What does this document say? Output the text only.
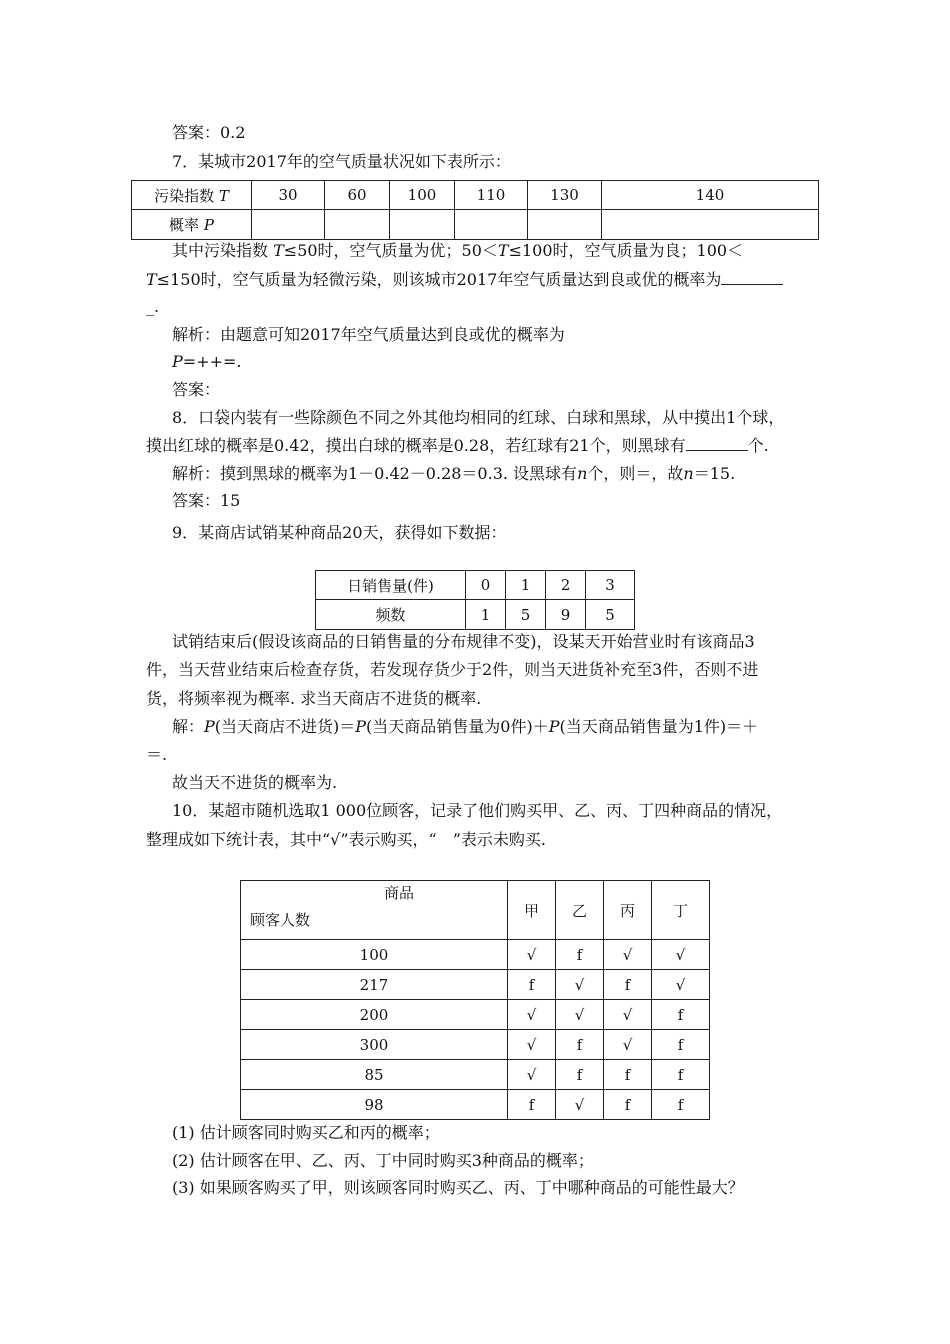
答案：0.2
7．某城市2017年的空气质量状况如下表所示：
污染指数 T	30	60	100	110	130	140
概率 P						
其中污染指数 T≤50时，空气质量为优；50＜T≤100时，空气质量为良；100＜
T≤150时，空气质量为轻微污染，则该城市2017年空气质量达到良或优的概率为
_.
解析：由题意可知2017年空气质量达到良或优的概率为
P=++=.
答案：
8．口袋内装有一些除颜色不同之外其他均相同的红球、白球和黑球，从中摸出1个球，
摸出红球的概率是0.42，摸出白球的概率是0.28，若红球有21个，则黑球有	个.
解析：摸到黑球的概率为1－0.42－0.28＝0.3. 设黑球有n个，则＝，故n＝15.
答案：15
9．某商店试销某种商品20天，获得如下数据：
日销售量(件)	0	1	2	3
频数	1	5	9	5
试销结束后(假设该商品的日销售量的分布规律不变)，设某天开始营业时有该商品3
件，当天营业结束后检查存货，若发现存货少于2件，则当天进货补充至3件，否则不进
货，将频率视为概率. 求当天商店不进货的概率.
解：P(当天商店不进货)＝P(当天商品销售量为0件)＋P(当天商品销售量为1件)＝＋
＝.
故当天不进货的概率为.
10．某超市随机选取1 000位顾客，记录了他们购买甲、乙、丙、丁四种商品的情况，
整理成如下统计表，其中“√”表示购买，“　”表示未购买.
商品
顾客人数	甲	乙	丙	丁
100	√	f	√	√
217	f	√	f	√
200	√	√	√	f
300	√	f	√	f
85	√	f	f	f
98	f	√	f	f
(1) 估计顾客同时购买乙和丙的概率；
(2) 估计顾客在甲、乙、丙、丁中同时购买3种商品的概率；
(3) 如果顾客购买了甲，则该顾客同时购买乙、丙、丁中哪种商品的可能性最大？
